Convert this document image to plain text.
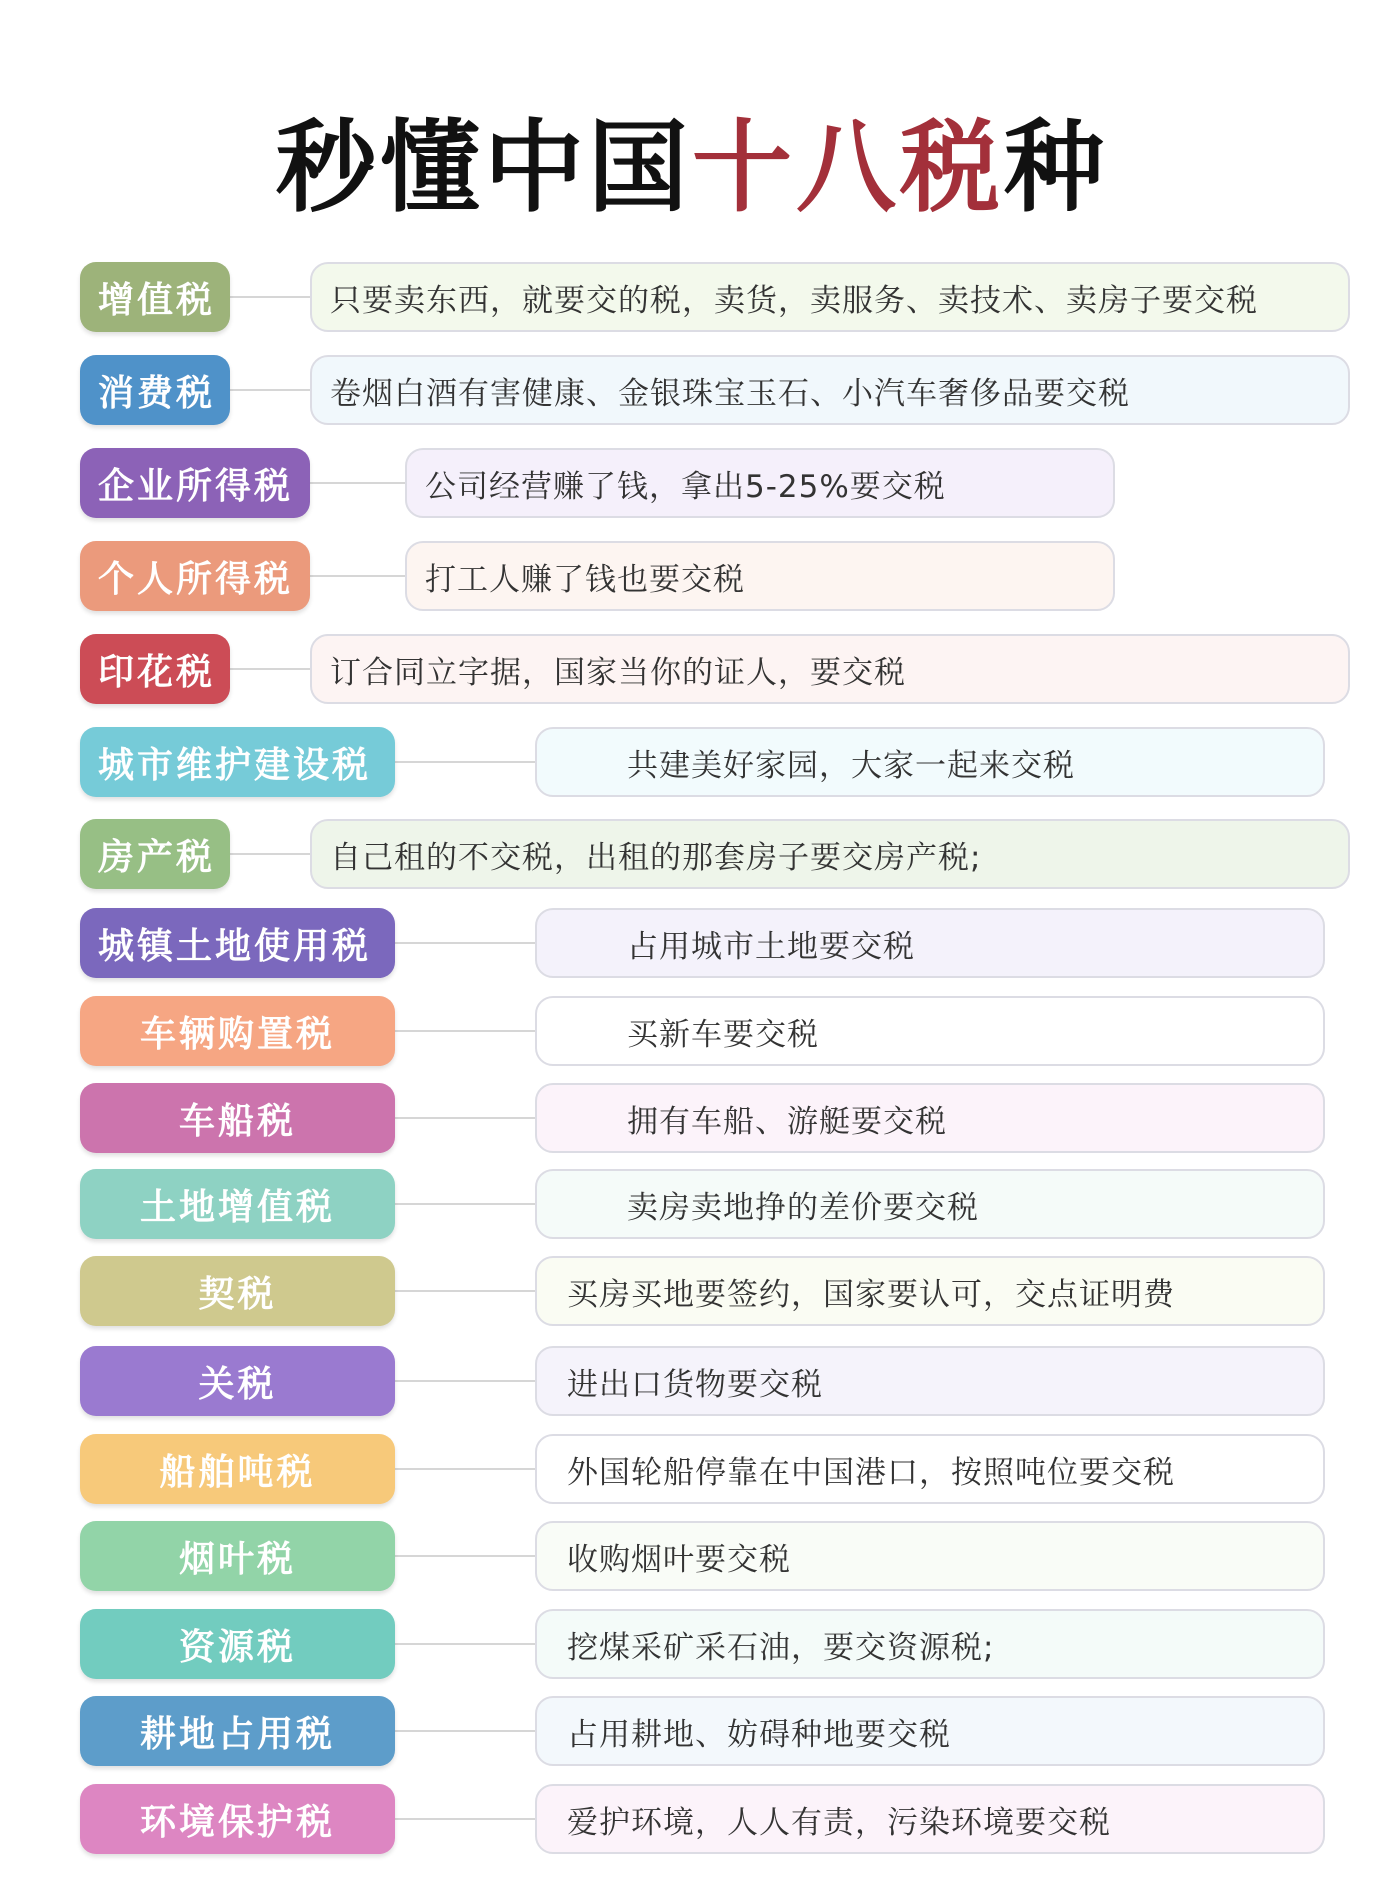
秒懂中国十八税种
增值税	只要卖东西，就要交的税，卖货，卖服务、卖技术、卖房子要交税
消费税	卷烟白酒有害健康、金银珠宝玉石、小汽车奢侈品要交税
企业所得税	公司经营赚了钱，拿出5-25%要交税
个人所得税	打工人赚了钱也要交税
印花税	订合同立字据，国家当你的证人，要交税
城市维护建设税	共建美好家园，大家一起来交税
房产税	自己租的不交税，出租的那套房子要交房产税;
城镇土地使用税	占用城市土地要交税
车辆购置税	买新车要交税
车船税	拥有车船、游艇要交税
土地增值税	卖房卖地挣的差价要交税
契税	买房买地要签约，国家要认可，交点证明费
关税	进出口货物要交税
船舶吨税	外国轮船停靠在中国港口，按照吨位要交税
烟叶税	收购烟叶要交税
资源税	挖煤采矿采石油，要交资源税;
耕地占用税	占用耕地、妨碍种地要交税
环境保护税	爱护环境，人人有责，污染环境要交税
